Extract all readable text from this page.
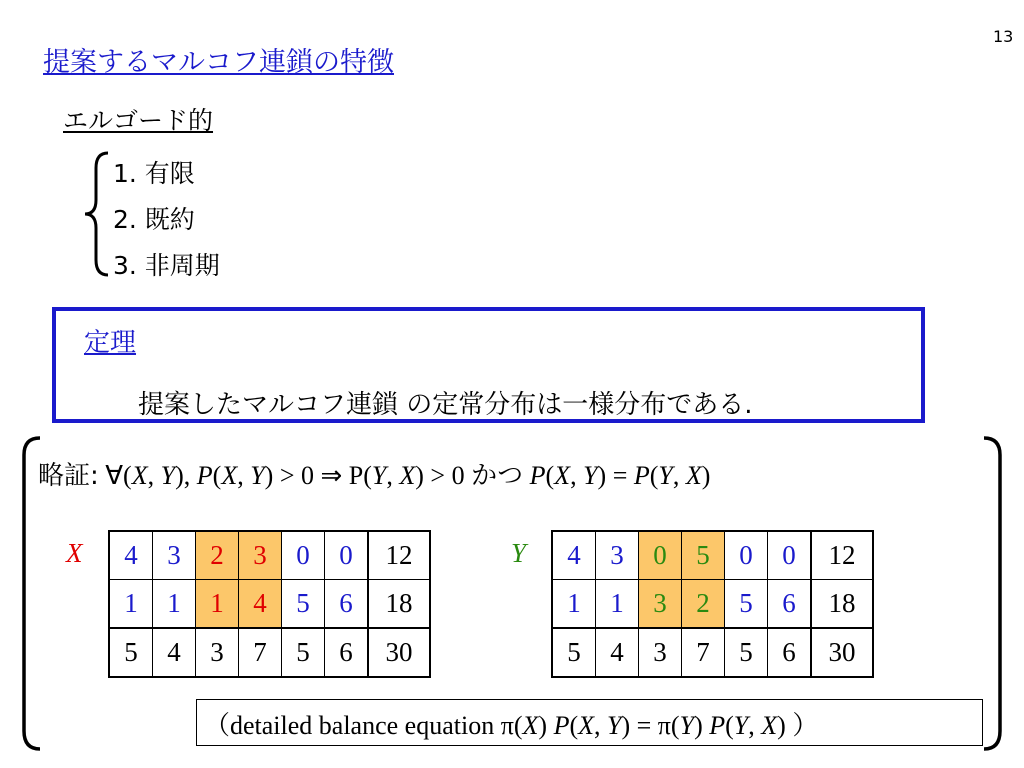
13
提案するマルコフ連鎖の特徴
エルゴード的
1. 有限
2. 既約
3. 非周期
定理
提案したマルコフ連鎖 の定常分布は一様分布である.
略証: ∀(X, Y), P(X, Y) > 0 ⇒ P(Y, X) > 0 かつ P(X, Y) = P(Y, X)
X 4	3	2	3	0	0	12
1	1	1	4	5	6	18
5	4	3	7	5	6	30
Y 4	3	0	5	0	0	12
1	1	3	2	5	6	18
5	4	3	7	5	6	30
（detailed balance equation π(X) P(X, Y) = π(Y) P(Y, X) ）
